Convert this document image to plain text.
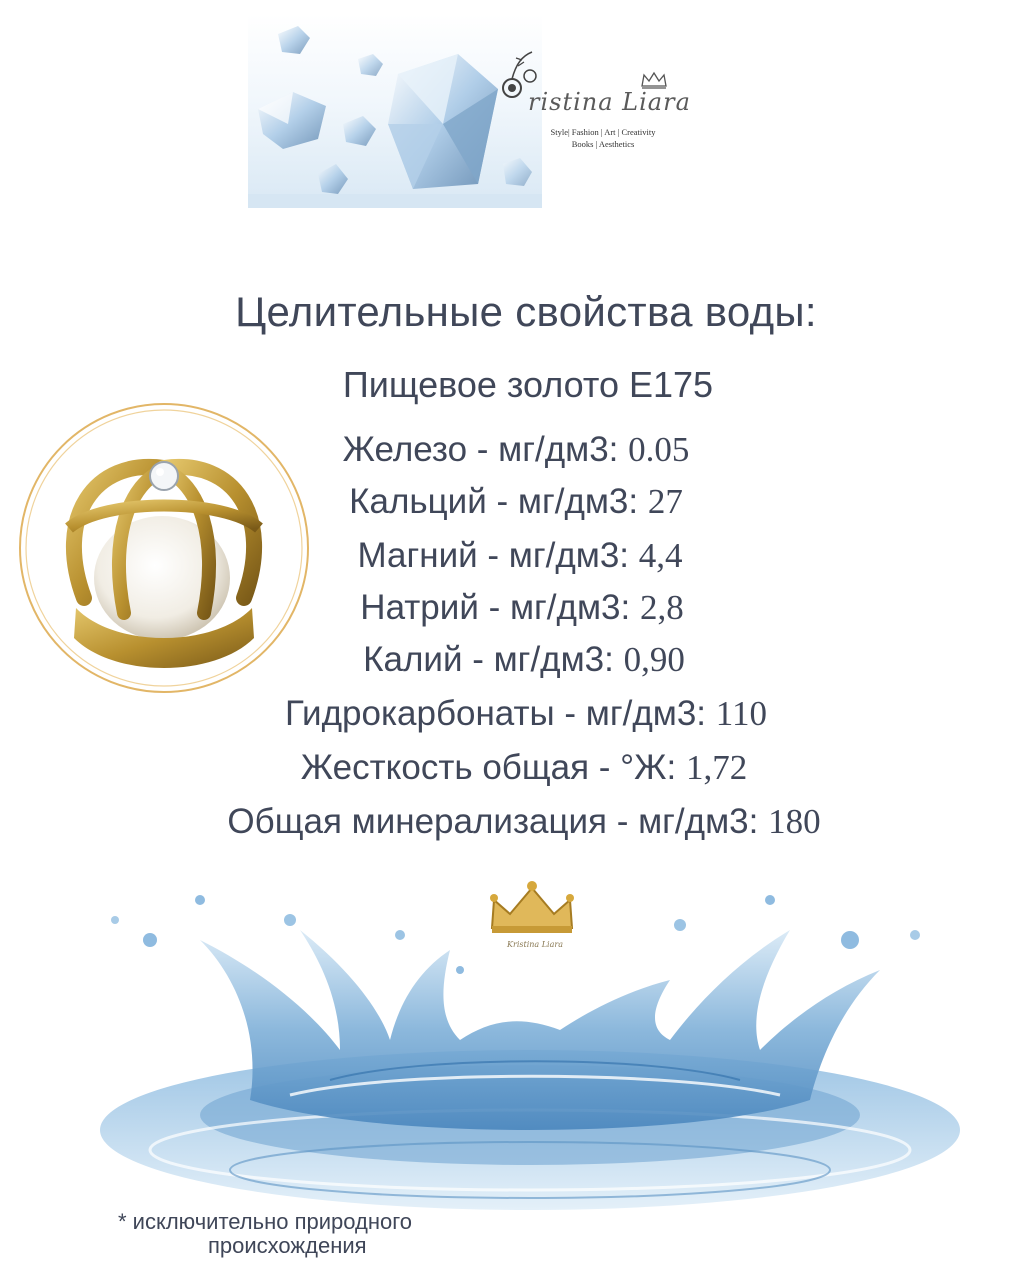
ristina Liara
Style| Fashion | Art | Creativity
Books | Aesthetics
Целительные свойства воды:
Пищевое золото Е175
Железо - мг/дм3: 0.05
Кальций - мг/дм3: 27
Магний - мг/дм3: 4,4
Натрий - мг/дм3: 2,8
Калий - мг/дм3: 0,90
Гидрокарбонаты - мг/дм3: 110
Жесткость общая - °Ж: 1,72
Общая минерализация - мг/дм3: 180
Kristina Liara
* исключительно природного
происхождения
